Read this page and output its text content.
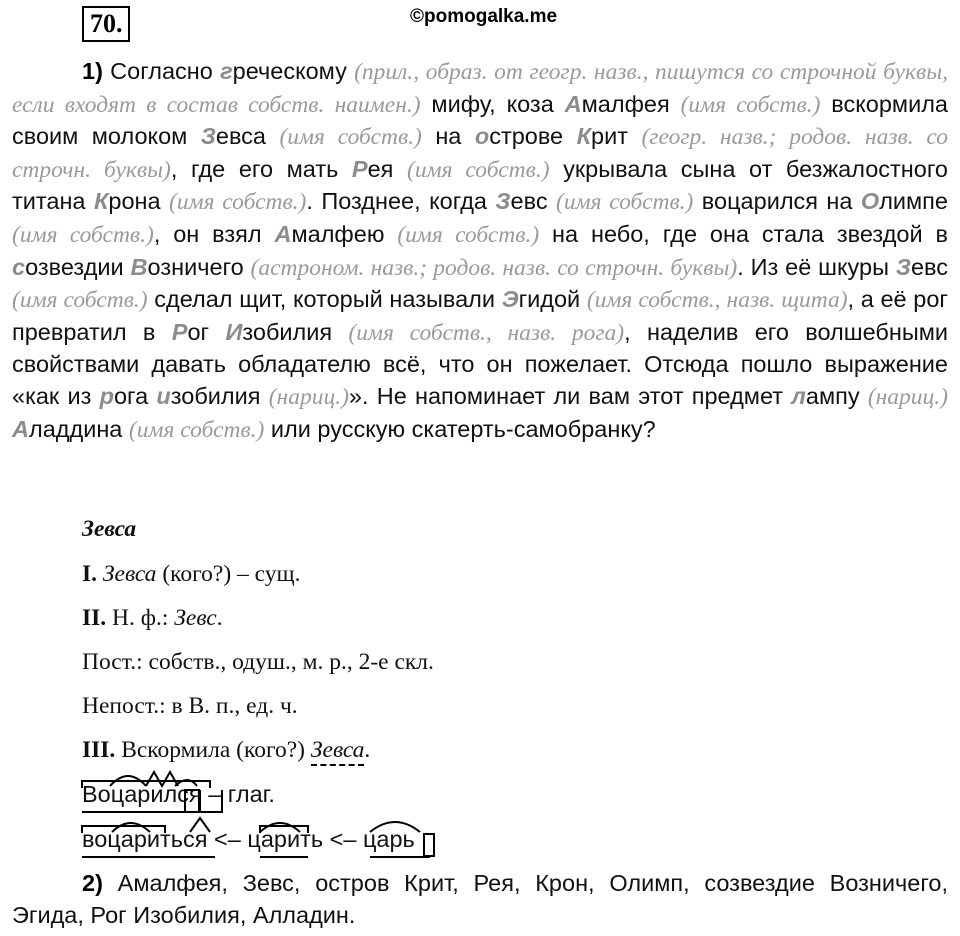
70.	©pomogalka.me
1) Согласно греческому (прил., образ. от геогр. назв., пишутся со строчной буквы, если входят в состав собств. наимен.) мифу, коза Амалфея (имя собств.) вскормила своим молоком Зевса (имя собств.) на острове Крит (геогр. назв.; родов. назв. со строчн. буквы), где его мать Рея (имя собств.) укрывала сына от безжалостного титана Крона (имя собств.). Позднее, когда Зевс (имя собств.) воцарился на Олимпе (имя собств.), он взял Амалфею (имя собств.) на небо, где она стала звездой в созвездии Возничего (астроном. назв.; родов. назв. со строчн. буквы). Из её шкуры Зевс (имя собств.) сделал щит, который называли Эгидой (имя собств., назв. щита), а её рог превратил в Рог Изобилия (имя собств., назв. рога), наделив его волшебными свойствами давать обладателю всё, что он пожелает. Отсюда пошло выражение «как из рога изобилия (нариц.)». Не напоминает ли вам этот предмет лампу (нариц.) Аладдина (имя собств.) или русскую скатерть-самобранку?
Зевса
I. Зевса (кого?) – сущ.
II. Н. ф.: Зевс.
Пост.: собств., одуш., м. р., 2-е скл.
Непост.: в В. п., ед. ч.
III. Вскормила (кого?) Зевса.
Воцарился – глаг.
воцариться <– царить <– царь
2) Амалфея, Зевс, остров Крит, Рея, Крон, Олимп, созвездие Возничего, Эгида, Рог Изобилия, Алладин.
